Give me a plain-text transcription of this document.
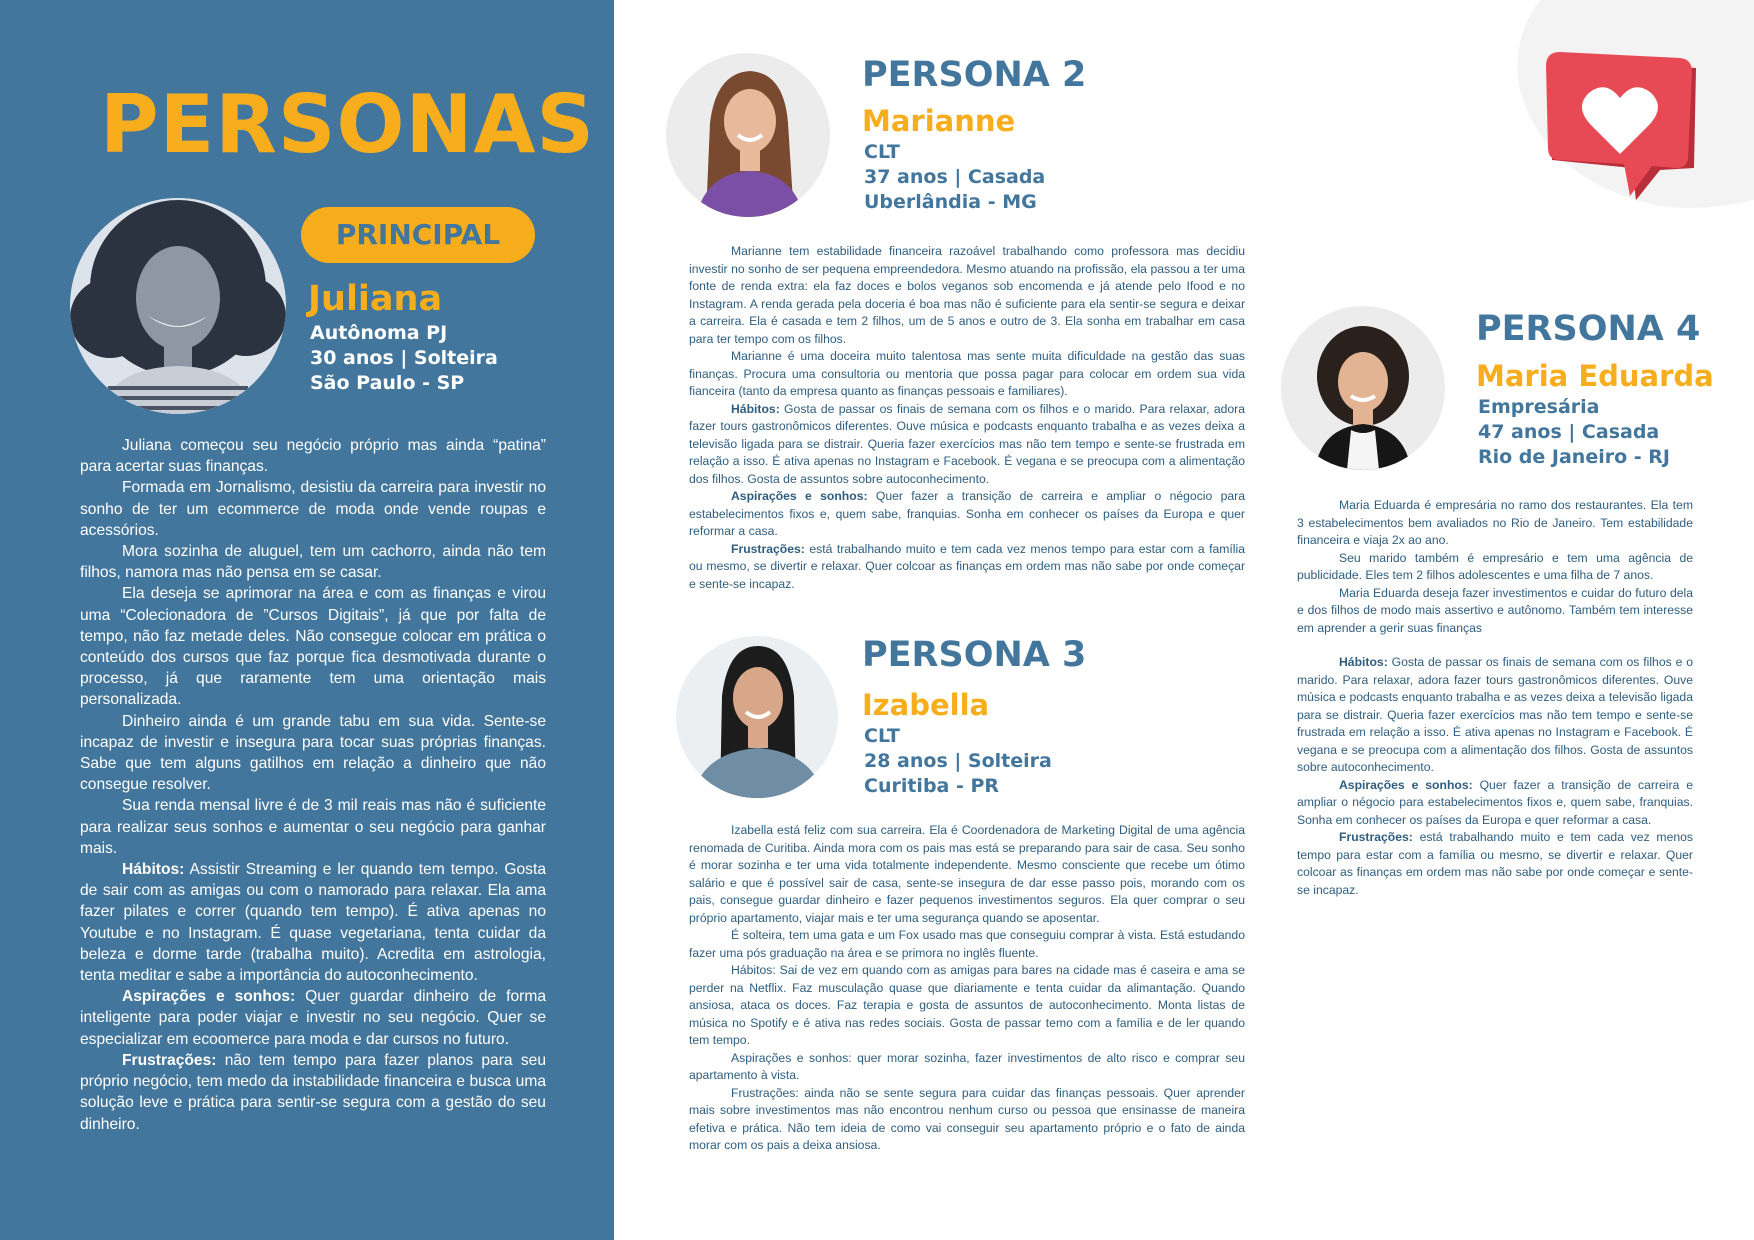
PERSONAS
PRINCIPAL
Juliana
Autônoma PJ
30 anos | Solteira
São Paulo - SP

Juliana começou seu negócio próprio mas ainda “patina” para acertar suas finanças.

Formada em Jornalismo, desistiu da carreira para investir no sonho de ter um ecommerce de moda onde vende roupas e acessórios.

Mora sozinha de aluguel, tem um cachorro, ainda não tem filhos, namora mas não pensa em se casar.

Ela deseja se aprimorar na área e com as finanças e virou uma “Colecionadora de ”Cursos Digitais”, já que por falta de tempo, não faz metade deles. Não consegue colocar em prática o conteúdo dos cursos que faz porque fica desmotivada durante o processo, já que raramente tem uma orientação mais personalizada.

Dinheiro ainda é um grande tabu em sua vida. Sente-se incapaz de investir e insegura para tocar suas próprias finanças. Sabe que tem alguns gatilhos em relação a dinheiro que não consegue resolver.

Sua renda mensal livre é de 3 mil reais mas não é suficiente para realizar seus sonhos e aumentar o seu negócio para ganhar mais.

Hábitos: Assistir Streaming e ler quando tem tempo. Gosta de sair com as amigas ou com o namorado para relaxar. Ela ama fazer pilates e correr (quando tem tempo). É ativa apenas no Youtube e no Instagram. É quase vegetariana, tenta cuidar da beleza e dorme tarde (trabalha muito). Acredita em astrologia, tenta meditar e sabe a importância do autoconhecimento.

Aspirações e sonhos: Quer guardar dinheiro de forma inteligente para poder viajar e investir no seu negócio. Quer se especializar em ecoomerce para moda e dar cursos no futuro.

Frustrações: não tem tempo para fazer planos para seu próprio negócio, tem medo da instabilidade financeira e busca uma solução leve e prática para sentir-se segura com a gestão do seu dinheiro.

PERSONA 2
Marianne
CLT
37 anos | Casada
Uberlândia - MG

Marianne tem estabilidade financeira razoável trabalhando como professora mas decidiu investir no sonho de ser pequena empreendedora. Mesmo atuando na profissão, ela passou a ter uma fonte de renda extra: ela faz doces e bolos veganos sob encomenda e já atende pelo Ifood e no Instagram. A renda gerada pela doceria é boa mas não é suficiente para ela sentir-se segura e deixar a carreira. Ela é casada e tem 2 filhos, um de 5 anos e outro de 3. Ela sonha em trabalhar em casa para ter tempo com os filhos.

Marianne é uma doceira muito talentosa mas sente muita dificuldade na gestão das suas finanças. Procura uma consultoria ou mentoria que possa pagar para colocar em ordem sua vida fianceira (tanto da empresa quanto as finanças pessoais e familiares).

Hábitos: Gosta de passar os finais de semana com os filhos e o marido. Para relaxar, adora fazer tours gastronômicos diferentes. Ouve música e podcasts enquanto trabalha e as vezes deixa a televisão ligada para se distrair. Queria fazer exercícios mas não tem tempo e sente-se frustrada em relação a isso. É ativa apenas no Instagram e Facebook. É vegana e se preocupa com a alimentação dos filhos. Gosta de assuntos sobre autoconhecimento.

Aspirações e sonhos: Quer fazer a transição de carreira e ampliar o négocio para estabelecimentos fixos e, quem sabe, franquias. Sonha em conhecer os países da Europa e quer reformar a casa.

Frustrações: está trabalhando muito e tem cada vez menos tempo para estar com a família ou mesmo, se divertir e relaxar. Quer colcoar as finanças em ordem mas não sabe por onde começar e sente-se incapaz.

PERSONA 3
Izabella
CLT
28 anos | Solteira
Curitiba - PR

Izabella está feliz com sua carreira. Ela é Coordenadora de Marketing Digital de uma agência renomada de Curitiba. Ainda mora com os pais mas está se preparando para sair de casa. Seu sonho é morar sozinha e ter uma vida totalmente independente. Mesmo consciente que recebe um ótimo salário e que é possível sair de casa, sente-se insegura de dar esse passo pois, morando com os pais, consegue guardar dinheiro e fazer pequenos investimentos seguros. Ela quer comprar o seu próprio apartamento, viajar mais e ter uma segurança quando se aposentar.

É solteira, tem uma gata e um Fox usado mas que conseguiu comprar à vista. Está estudando fazer uma pós graduação na área e se primora no inglês fluente.

Hábitos: Sai de vez em quando com as amigas para bares na cidade mas é caseira e ama se perder na Netflix. Faz musculação quase que diariamente e tenta cuidar da alimantação. Quando ansiosa, ataca os doces. Faz terapia e gosta de assuntos de autoconhecimento. Monta listas de música no Spotify e é ativa nas redes sociais. Gosta de passar temo com a família e de ler quando tem tempo.

Aspirações e sonhos: quer morar sozinha, fazer investimentos de alto risco e comprar seu apartamento à vista.

Frustrações: ainda não se sente segura para cuidar das finanças pessoais. Quer aprender mais sobre investimentos mas não encontrou nenhum curso ou pessoa que ensinasse de maneira efetiva e prática. Não tem ideia de como vai conseguir seu apartamento próprio e o fato de ainda morar com os pais a deixa ansiosa.

PERSONA 4
Maria Eduarda
Empresária
47 anos | Casada
Rio de Janeiro - RJ

Maria Eduarda é empresária no ramo dos restaurantes. Ela tem 3 estabelecimentos bem avaliados no Rio de Janeiro. Tem estabilidade financeira e viaja 2x ao ano.

Seu marido também é empresário e tem uma agência de publicidade. Eles tem 2 filhos adolescentes e uma filha de 7 anos.

Maria Eduarda deseja fazer investimentos e cuidar do futuro dela e dos filhos de modo mais assertivo e autônomo. Também tem interesse em aprender a gerir suas finanças

Hábitos: Gosta de passar os finais de semana com os filhos e o marido. Para relaxar, adora fazer tours gastronômicos diferentes. Ouve música e podcasts enquanto trabalha e as vezes deixa a televisão ligada para se distrair. Queria fazer exercícios mas não tem tempo e sente-se frustrada em relação a isso. É ativa apenas no Instagram e Facebook. É vegana e se preocupa com a alimentação dos filhos. Gosta de assuntos sobre autoconhecimento.

Aspirações e sonhos: Quer fazer a transição de carreira e ampliar o négocio para estabelecimentos fixos e, quem sabe, franquias. Sonha em conhecer os países da Europa e quer reformar a casa.

Frustrações: está trabalhando muito e tem cada vez menos tempo para estar com a família ou mesmo, se divertir e relaxar. Quer colcoar as finanças em ordem mas não sabe por onde começar e sente-se incapaz.
